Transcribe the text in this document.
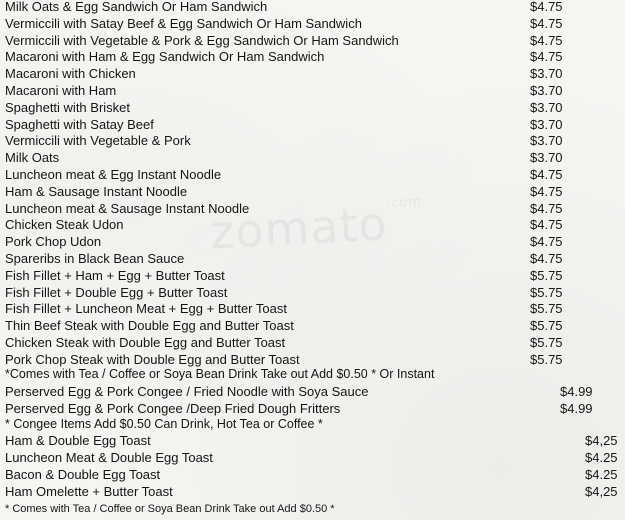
zomato$^{.com}$
Milk Oats & Egg Sandwich Or Ham Sandwich	$4.75
Vermiccili with Satay Beef & Egg Sandwich Or Ham Sandwich	$4.75
Vermiccili with Vegetable & Pork & Egg Sandwich Or Ham Sandwich	$4.75
Macaroni with Ham & Egg Sandwich Or Ham Sandwich	$4.75
Macaroni with Chicken	$3.70
Macaroni with Ham	$3.70
Spaghetti with Brisket	$3.70
Spaghetti with Satay Beef	$3.70
Vermiccili with Vegetable & Pork	$3.70
Milk Oats	$3.70
Luncheon meat & Egg Instant Noodle	$4.75
Ham & Sausage Instant Noodle	$4.75
Luncheon meat & Sausage Instant Noodle	$4.75
Chicken Steak Udon	$4.75
Pork Chop Udon	$4.75
Spareribs in Black Bean Sauce	$4.75
Fish Fillet + Ham + Egg + Butter Toast	$5.75
Fish Fillet + Double Egg + Butter Toast	$5.75
Fish Fillet + Luncheon Meat + Egg + Butter Toast	$5.75
Thin Beef Steak with Double Egg and Butter Toast	$5.75
Chicken Steak with Double Egg and Butter Toast	$5.75
Pork Chop Steak with Double Egg and Butter Toast	$5.75
*Comes with Tea / Coffee or Soya Bean Drink Take out Add $0.50 * Or Instant
Perserved Egg & Pork Congee / Fried Noodle with Soya Sauce	$4.99
Perserved Egg & Pork Congee /Deep Fried Dough Fritters	$4.99
* Congee Items Add $0.50 Can Drink, Hot Tea or Coffee *
Ham & Double Egg Toast	$4,25
Luncheon Meat & Double Egg Toast	$4.25
Bacon & Double Egg Toast	$4.25
Ham Omelette + Butter Toast	$4,25
* Comes with Tea / Coffee or Soya Bean Drink Take out Add $0.50 *
